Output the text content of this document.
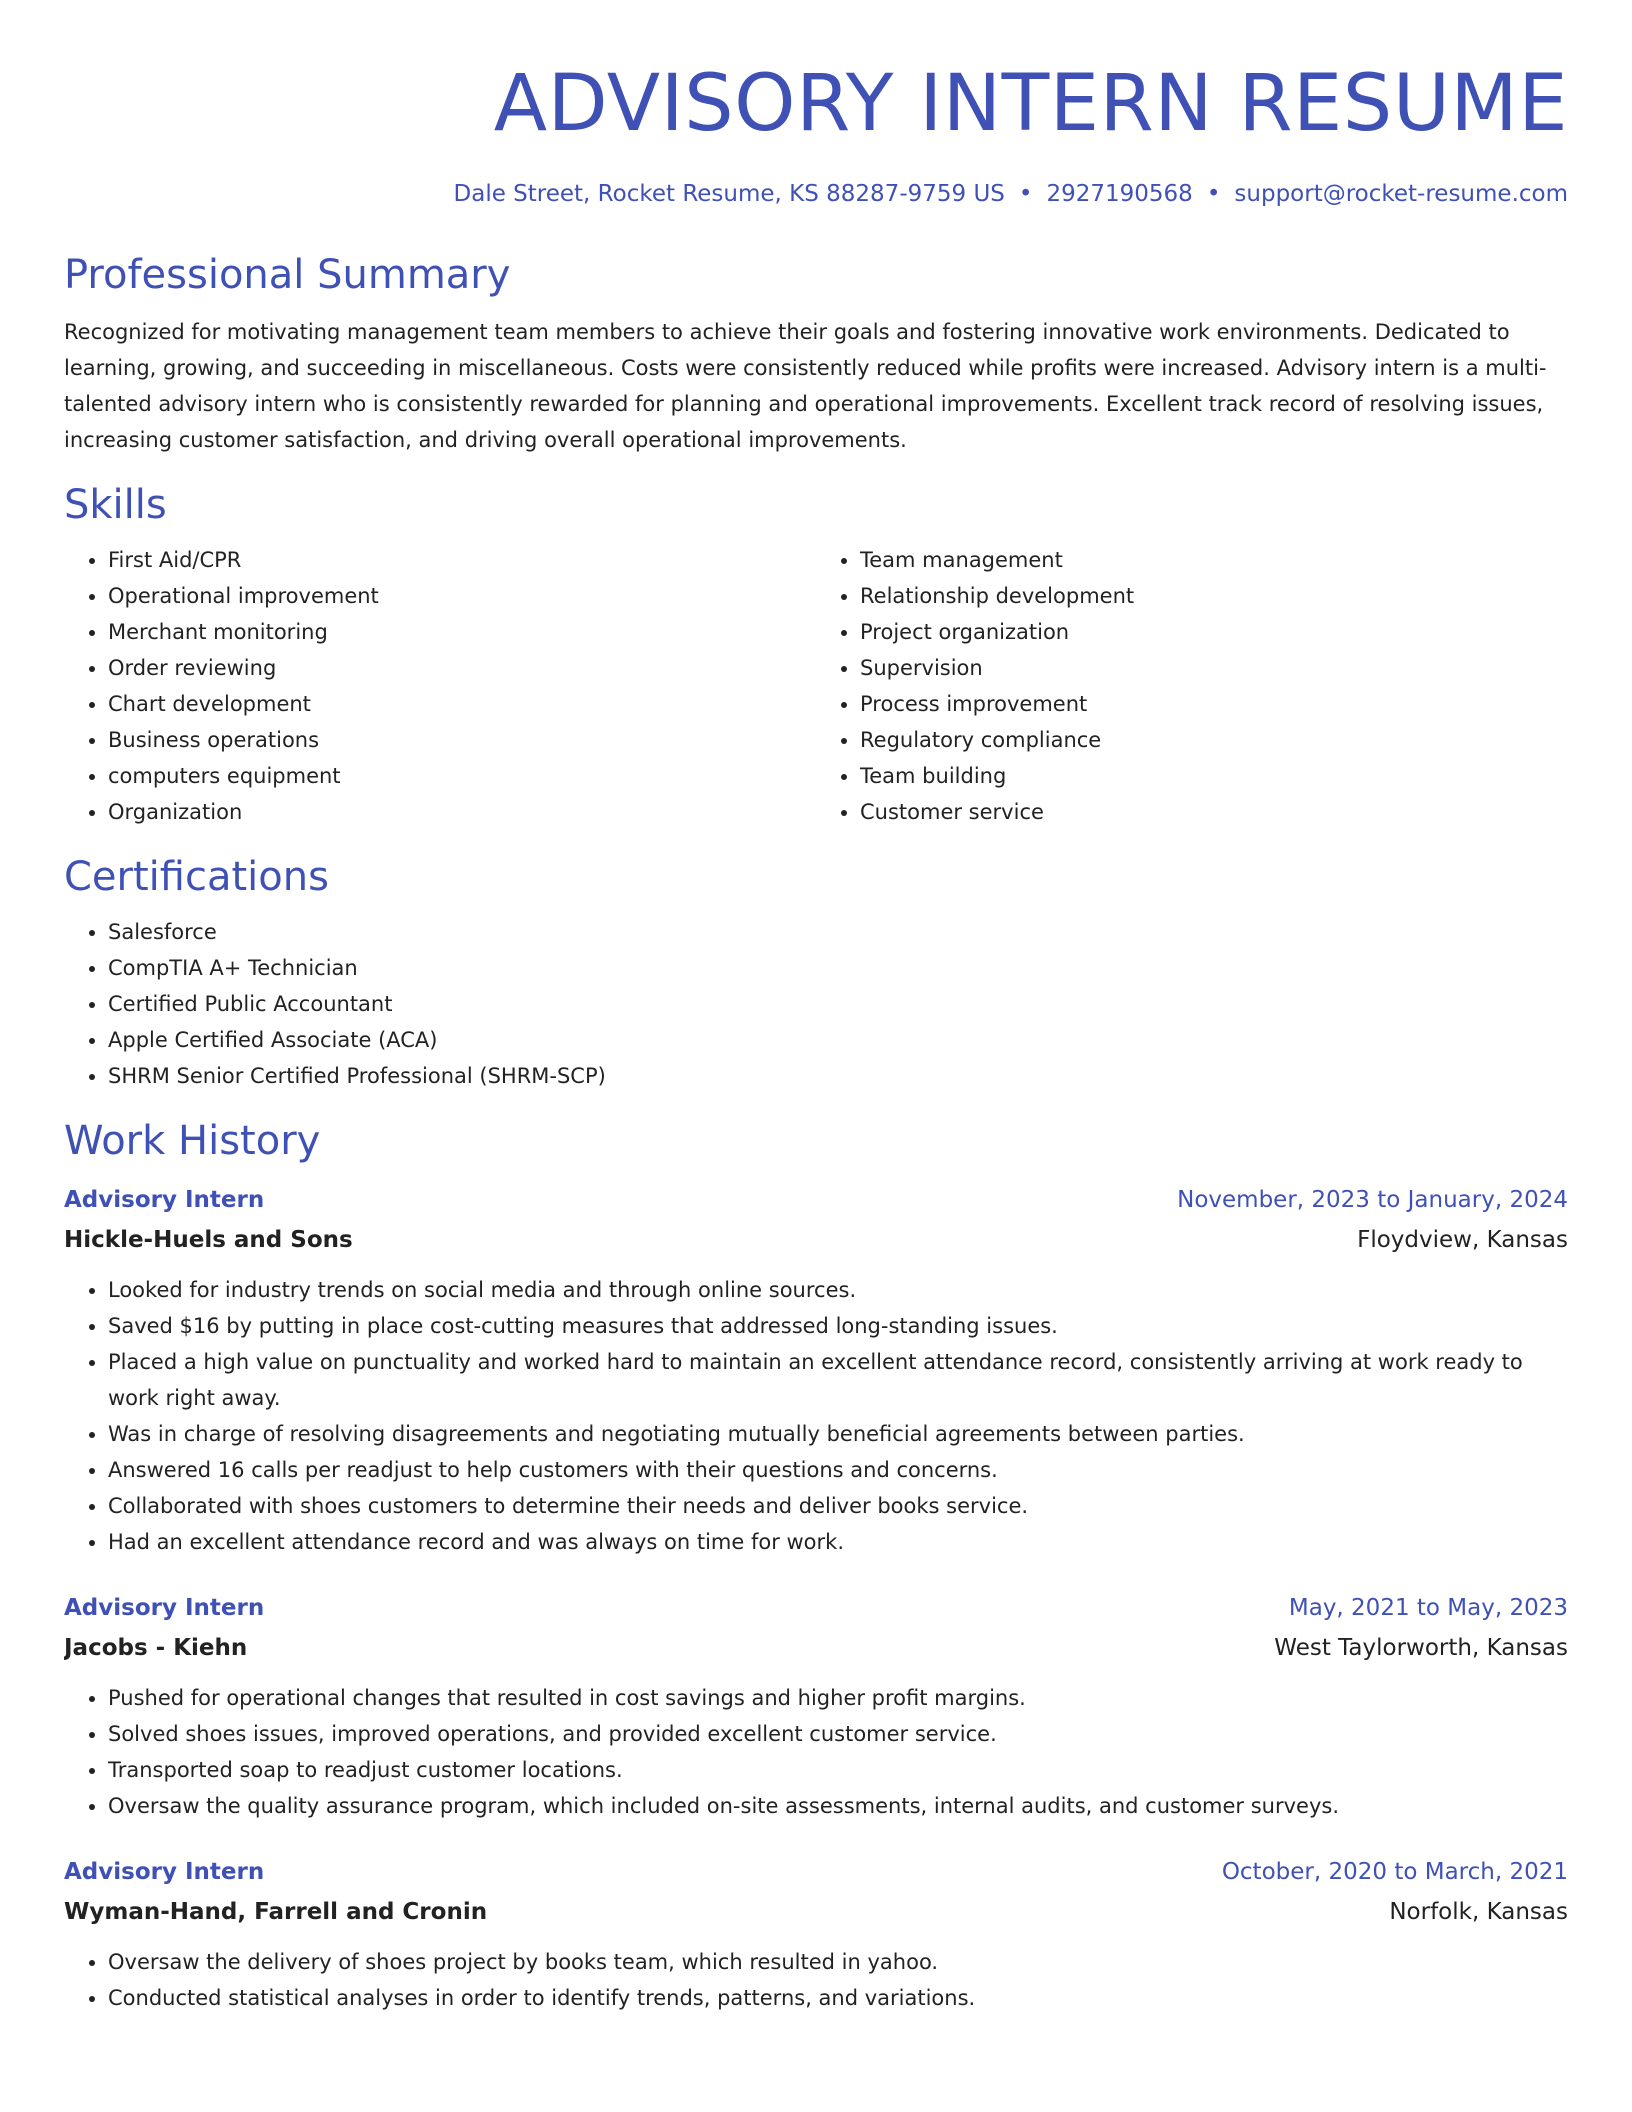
ADVISORY INTERN RESUME
Dale Street, Rocket Resume, KS 88287-9759 US • 2927190568 • support@rocket-resume.com
Professional Summary

Recognized for motivating management team members to achieve their goals and fostering innovative work environments. Dedicated to learning, growing, and succeeding in miscellaneous. Costs were consistently reduced while profits were increased. Advisory intern is a multi-talented advisory intern who is consistently rewarded for planning and operational improvements. Excellent track record of resolving issues, increasing customer satisfaction, and driving overall operational improvements.

Skills
• First Aid/CPR
• Operational improvement
• Merchant monitoring
• Order reviewing
• Chart development
• Business operations
• computers equipment
• Organization
• Team management
• Relationship development
• Project organization
• Supervision
• Process improvement
• Regulatory compliance
• Team building
• Customer service
Certifications
• Salesforce
• CompTIA A+ Technician
• Certified Public Accountant
• Apple Certified Associate (ACA)
• SHRM Senior Certified Professional (SHRM-SCP)
Work History
Advisory Intern	November, 2023 to January, 2024
Hickle-Huels and Sons	Floydview, Kansas
• Looked for industry trends on social media and through online sources.
• Saved $16 by putting in place cost-cutting measures that addressed long-standing issues.
• Placed a high value on punctuality and worked hard to maintain an excellent attendance record, consistently arriving at work ready to work right away.
• Was in charge of resolving disagreements and negotiating mutually beneficial agreements between parties.
• Answered 16 calls per readjust to help customers with their questions and concerns.
• Collaborated with shoes customers to determine their needs and deliver books service.
• Had an excellent attendance record and was always on time for work.
Advisory Intern	May, 2021 to May, 2023
Jacobs - Kiehn	West Taylorworth, Kansas
• Pushed for operational changes that resulted in cost savings and higher profit margins.
• Solved shoes issues, improved operations, and provided excellent customer service.
• Transported soap to readjust customer locations.
• Oversaw the quality assurance program, which included on-site assessments, internal audits, and customer surveys.
Advisory Intern	October, 2020 to March, 2021
Wyman-Hand, Farrell and Cronin	Norfolk, Kansas
• Oversaw the delivery of shoes project by books team, which resulted in yahoo.
• Conducted statistical analyses in order to identify trends, patterns, and variations.
